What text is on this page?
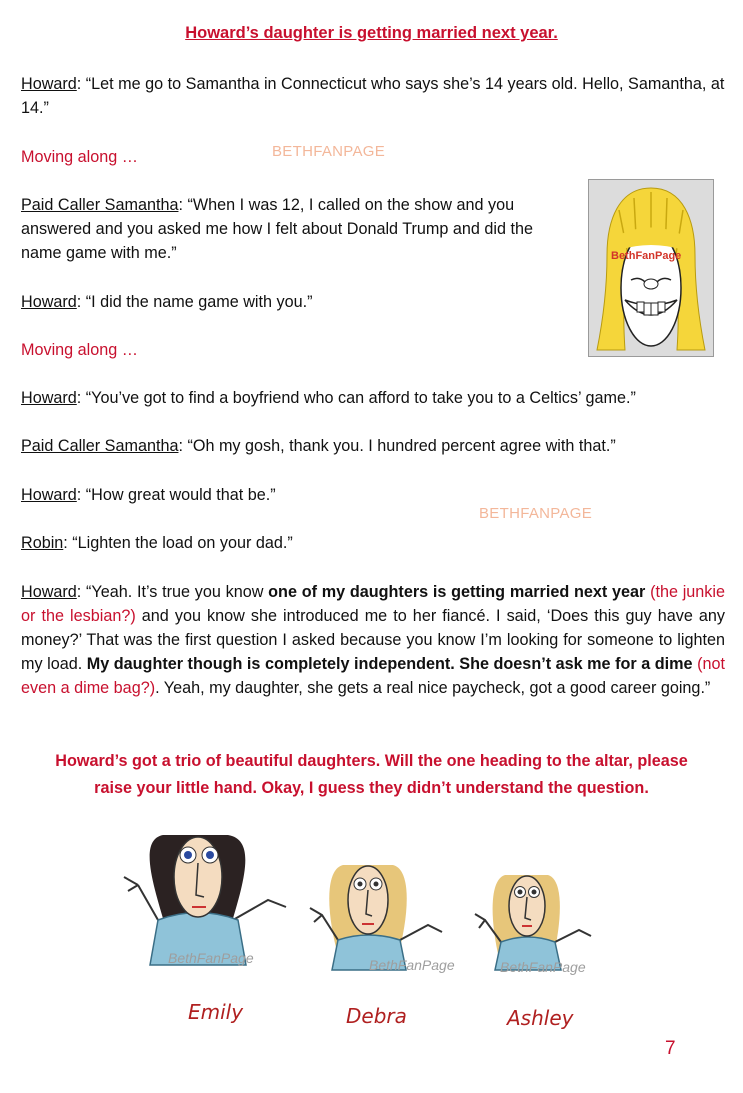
Howard’s daughter is getting married next year.

Howard: “Let me go to Samantha in Connecticut who says she’s 14 years old. Hello, Samantha, at 14.”

Moving along …	BETHFANPAGE

Paid Caller Samantha: “When I was 12, I called on the show and you answered and you asked me how I felt about Donald Trump and did the name game with me.”

Howard: “I did the name game with you.”

Moving along …

BethFanPage

Howard: “You’ve got to find a boyfriend who can afford to take you to a Celtics’ game.”

Paid Caller Samantha: “Oh my gosh, thank you. I hundred percent agree with that.”

Howard: “How great would that be.”

BETHFANPAGE

Robin: “Lighten the load on your dad.”

Howard: “Yeah. It’s true you know one of my daughters is getting married next year (the junkie or the lesbian?) and you know she introduced me to her fiancé. I said, ‘Does this guy have any money?’ That was the first question I asked because you know I’m looking for someone to lighten my load. My daughter though is completely independent. She doesn’t ask me for a dime (not even a dime bag?). Yeah, my daughter, she gets a real nice paycheck, got a good career going.”

Howard’s got a trio of beautiful daughters. Will the one heading to the altar, please
raise your little hand. Okay, I guess they didn’t understand the question.
BethFanPage	BethFanPage	BethFanPage
Emily	Debra	Ashley
7
